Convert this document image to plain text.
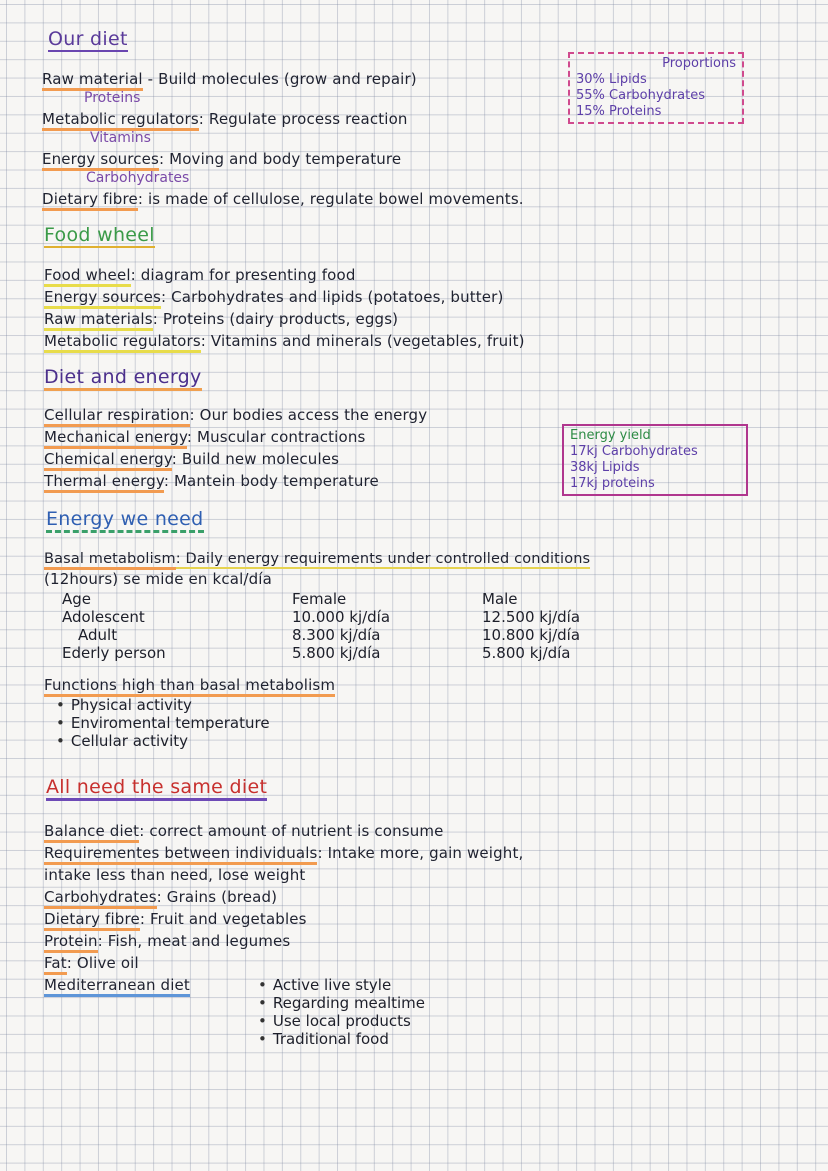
Our diet
Raw material - Build molecules (grow and repair)
Proteins
Metabolic regulators: Regulate process reaction
Vitamins
Energy sources: Moving and body temperature
Carbohydrates
Dietary fibre: is made of cellulose, regulate bowel movements.
Proportions
30% Lipids
55% Carbohydrates
15% Proteins
Food wheel
Food wheel: diagram for presenting food
Energy sources: Carbohydrates and lipids (potatoes, butter)
Raw materials: Proteins (dairy products, eggs)
Metabolic regulators: Vitamins and minerals (vegetables, fruit)
Diet and energy
Cellular respiration: Our bodies access the energy
Mechanical energy: Muscular contractions
Chemical energy: Build new molecules
Thermal energy: Mantein body temperature
Energy yield
17kj Carbohydrates
38kj Lipids
17kj proteins
Energy we need
Basal metabolism: Daily energy requirements under controlled conditions
(12hours) se mide en kcal/día
Age	Female	Male
Adolescent	10.000 kj/día	12.500 kj/día
Adult	8.300 kj/día	10.800 kj/día
Ederly person	5.800 kj/día	5.800 kj/día
Functions high than basal metabolism
• Physical activity
• Enviromental temperature
• Cellular activity
All need the same diet
Balance diet: correct amount of nutrient is consume
Requirementes between individuals: Intake more, gain weight,
intake less than need, lose weight
Carbohydrates: Grains (bread)
Dietary fibre: Fruit and vegetables
Protein: Fish, meat and legumes
Fat: Olive oil
Mediterranean diet
•	Active live style
• Regarding mealtime
• Use local products
• Traditional food
